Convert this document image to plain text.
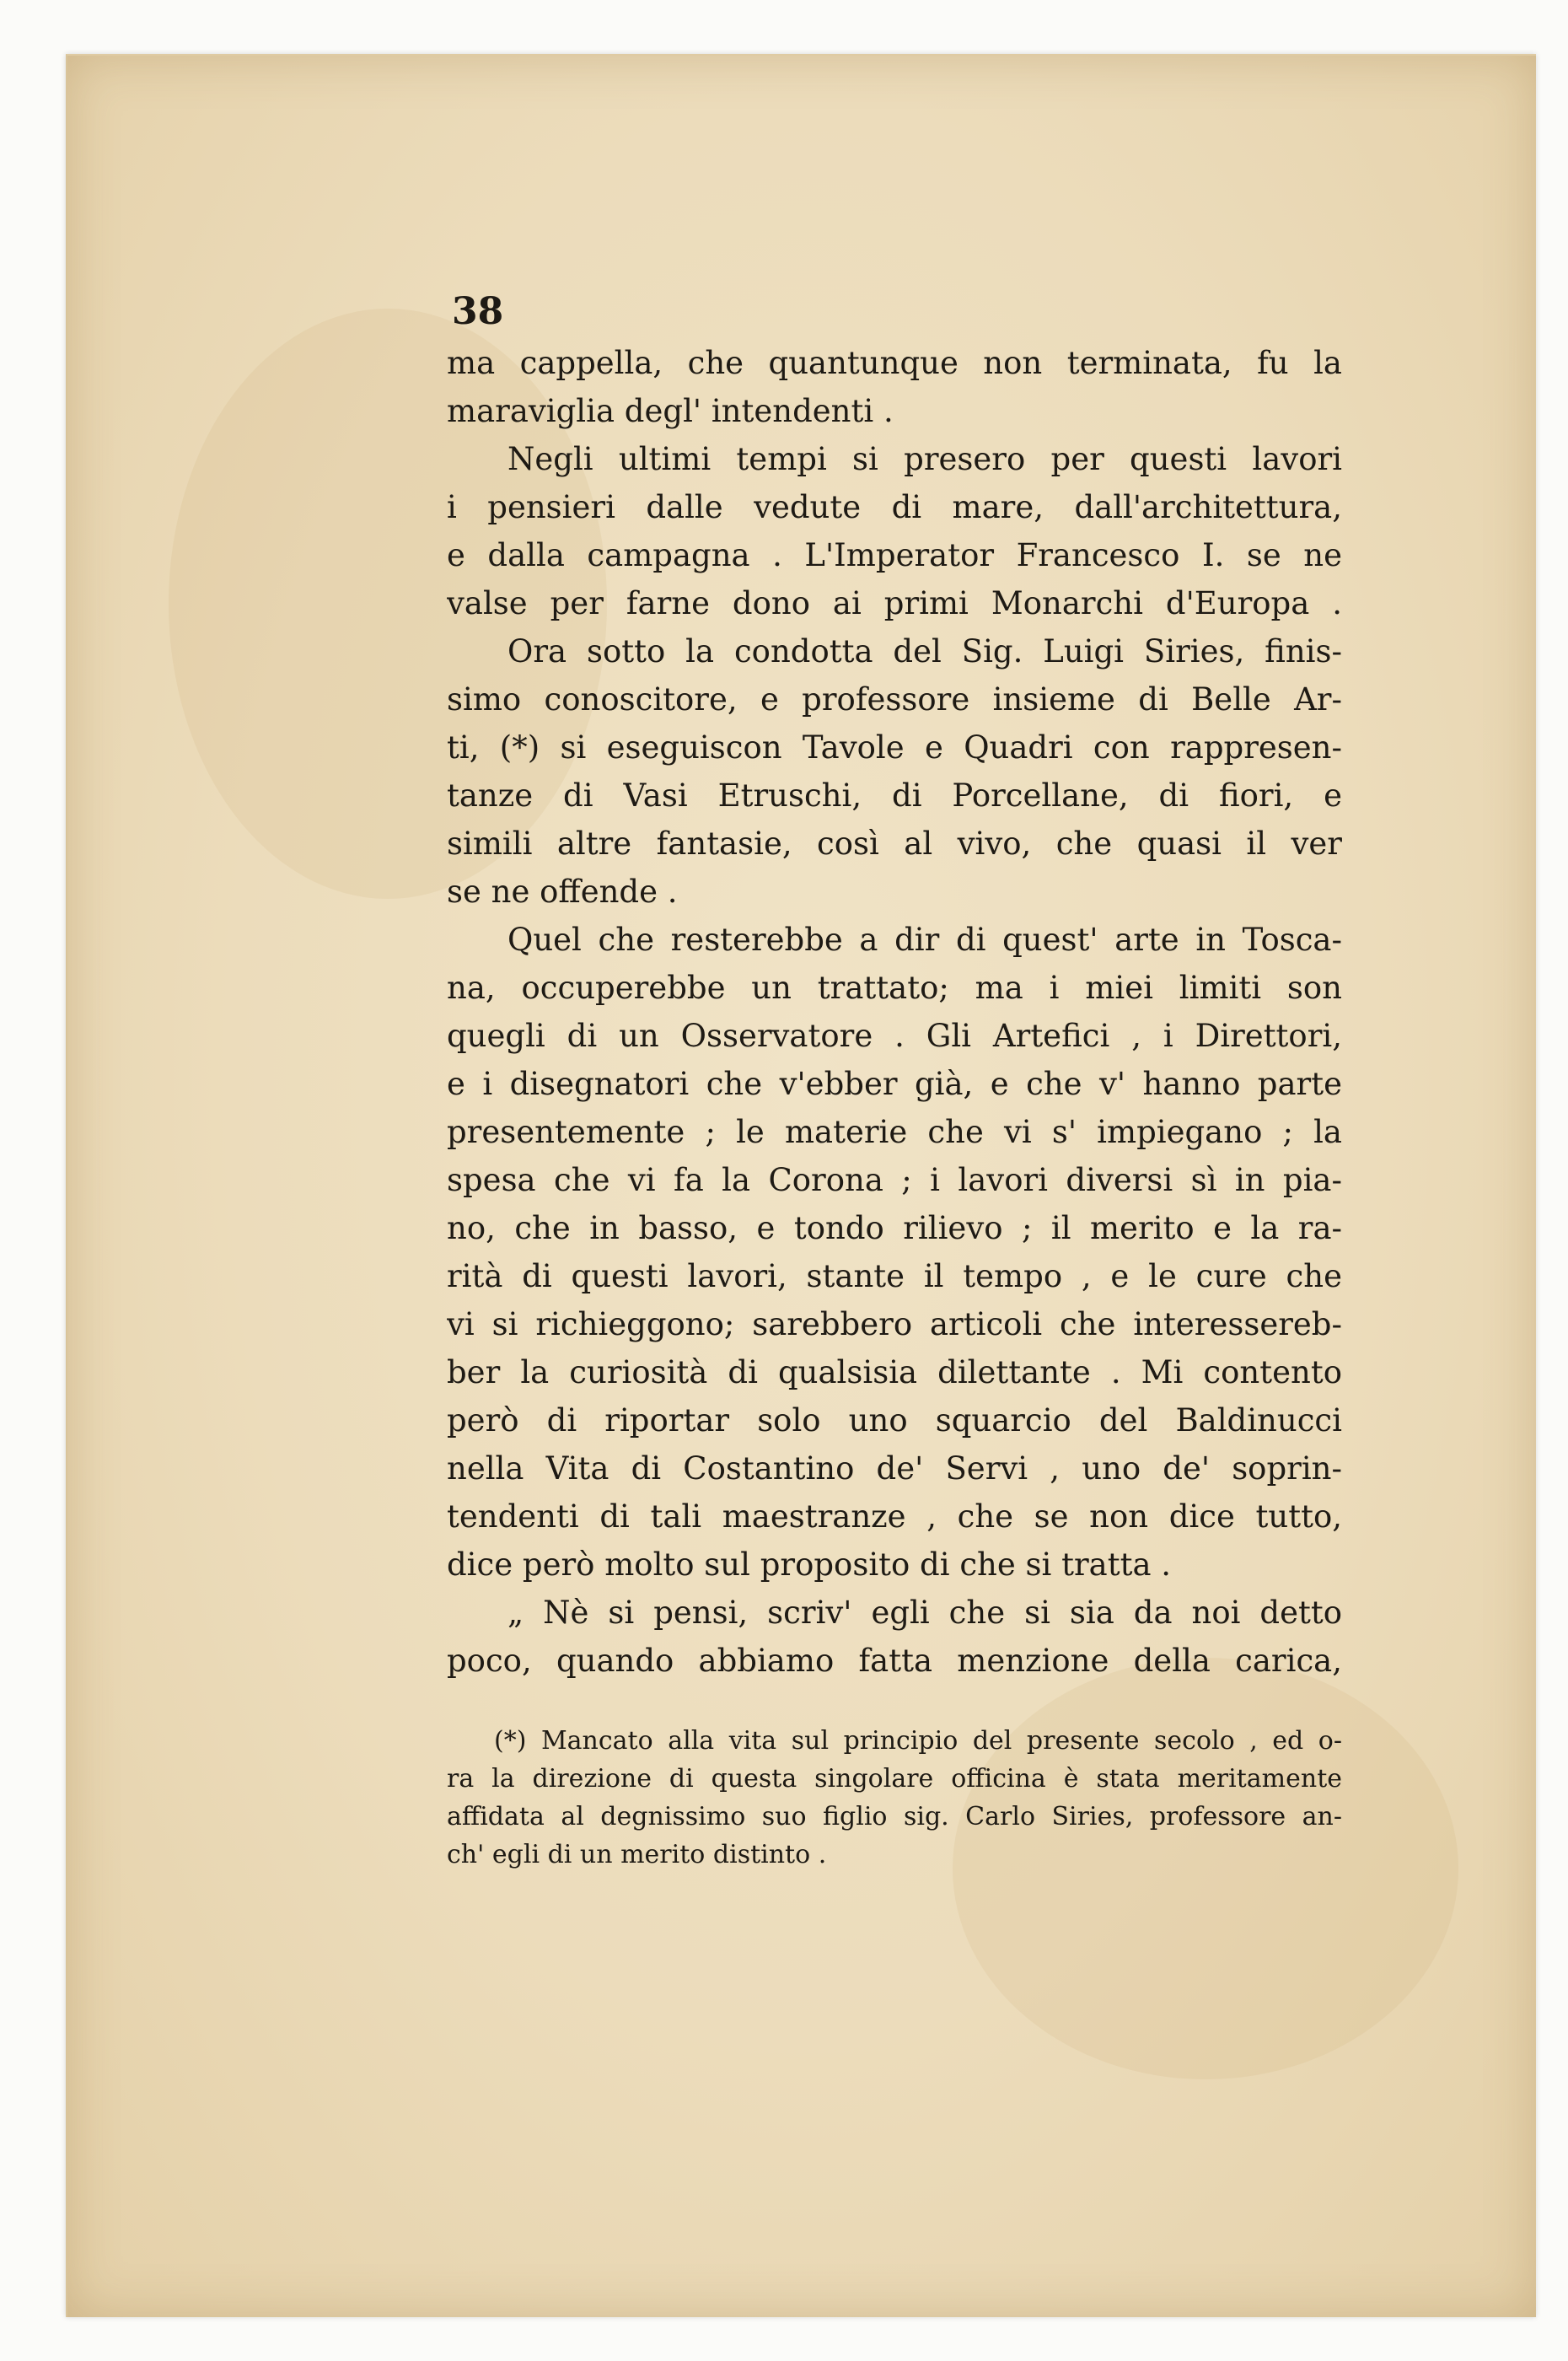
38
ma cappella, che quantunque non terminata, fu la
maraviglia degl' intendenti .
Negli ultimi tempi si presero per questi lavori
i pensieri dalle vedute di mare, dall'architettura,
e dalla campagna . L'Imperator Francesco I. se ne
valse per farne dono ai primi Monarchi d'Europa .
Ora sotto la condotta del Sig. Luigi Siries, finis-
simo conoscitore, e professore insieme di Belle Ar-
ti, (*) si eseguiscon Tavole e Quadri con rappresen-
tanze di Vasi Etruschi, di Porcellane, di fiori, e
simili altre fantasie, così al vivo, che quasi il ver
se ne offende .
Quel che resterebbe a dir di quest' arte in Tosca-
na, occuperebbe un trattato; ma i miei limiti son
quegli di un Osservatore . Gli Artefici , i Direttori,
e i disegnatori che v'ebber già, e che v' hanno parte
presentemente ; le materie che vi s' impiegano ; la
spesa che vi fa la Corona ; i lavori diversi sì in pia-
no, che in basso, e tondo rilievo ; il merito e la ra-
rità di questi lavori, stante il tempo , e le cure che
vi si richieggono; sarebbero articoli che interessereb-
ber la curiosità di qualsisia dilettante . Mi contento
però di riportar solo uno squarcio del Baldinucci
nella Vita di Costantino de' Servi , uno de' soprin-
tendenti di tali maestranze , che se non dice tutto,
dice però molto sul proposito di che si tratta .
„ Nè si pensi, scriv' egli che si sia da noi detto
poco, quando abbiamo fatta menzione della carica,
(*) Mancato alla vita sul principio del presente secolo , ed o-
ra la direzione di questa singolare officina è stata meritamente
affidata al degnissimo suo figlio sig. Carlo Siries, professore an-
ch' egli di un merito distinto .
